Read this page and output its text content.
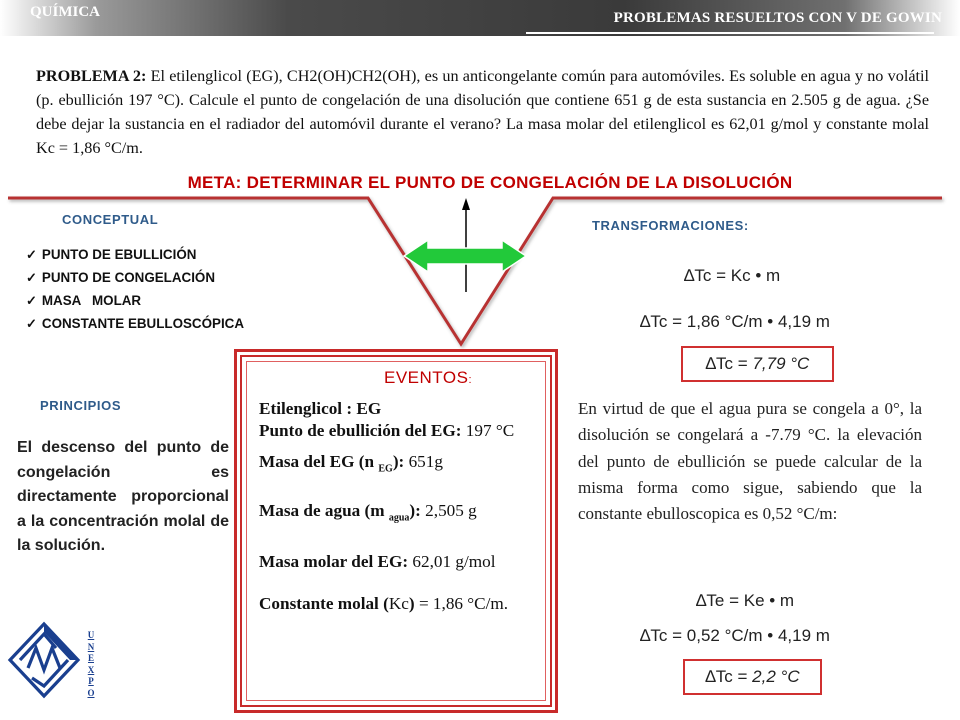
QUÍMICA	PROBLEMAS RESUELTOS CON V DE GOWIN
PROBLEMA 2: El etilenglicol (EG), CH2(OH)CH2(OH), es un anticongelante común para automóviles. Es soluble en agua y no volátil (p. ebullición 197 °C). Calcule el punto de congelación de una disolución que contiene 651 g de esta sustancia en 2.505 g de agua. ¿Se debe dejar la sustancia en el radiador del automóvil durante el verano? La masa molar del etilenglicol es 62,01 g/mol y constante molal Kc = 1,86 °C/m.
META: DETERMINAR EL PUNTO DE CONGELACIÓN DE LA DISOLUCIÓN
CONCEPTUAL
✓ PUNTO DE EBULLICIÓN
✓ PUNTO DE CONGELACIÓN
✓ MASA   MOLAR
✓ CONSTANTE EBULLOSCÓPICA
PRINCIPIOS
El descenso del punto de congelación es directamente proporcional a la concentración molal de la solución.
TRANSFORMACIONES:
∆Tc = Kc • m
∆Tc = 1,86 °C/m • 4,19 m
∆Tc = 7,79 °C
En virtud de que el agua pura se congela a 0°, la disolución se congelará a -7.79 °C. la elevación del punto de ebullición se puede calcular de la misma forma como sigue, sabiendo que la constante ebulloscopica es 0,52 °C/m:
∆Te = Ke • m
∆Tc = 0,52 °C/m • 4,19 m
∆Tc = 2,2 °C
EVENTOS:

Etilenglicol : EG

Punto de ebullición del EG: 197 °C

Masa del EG (n $_{EG}$): 651g

Masa de agua (m $_{agua}$): 2,505 g

Masa molar del EG: 62,01 g/mol

Constante molal (Kc) = 1,86 °C/m.

U
N
E
X
P
O
